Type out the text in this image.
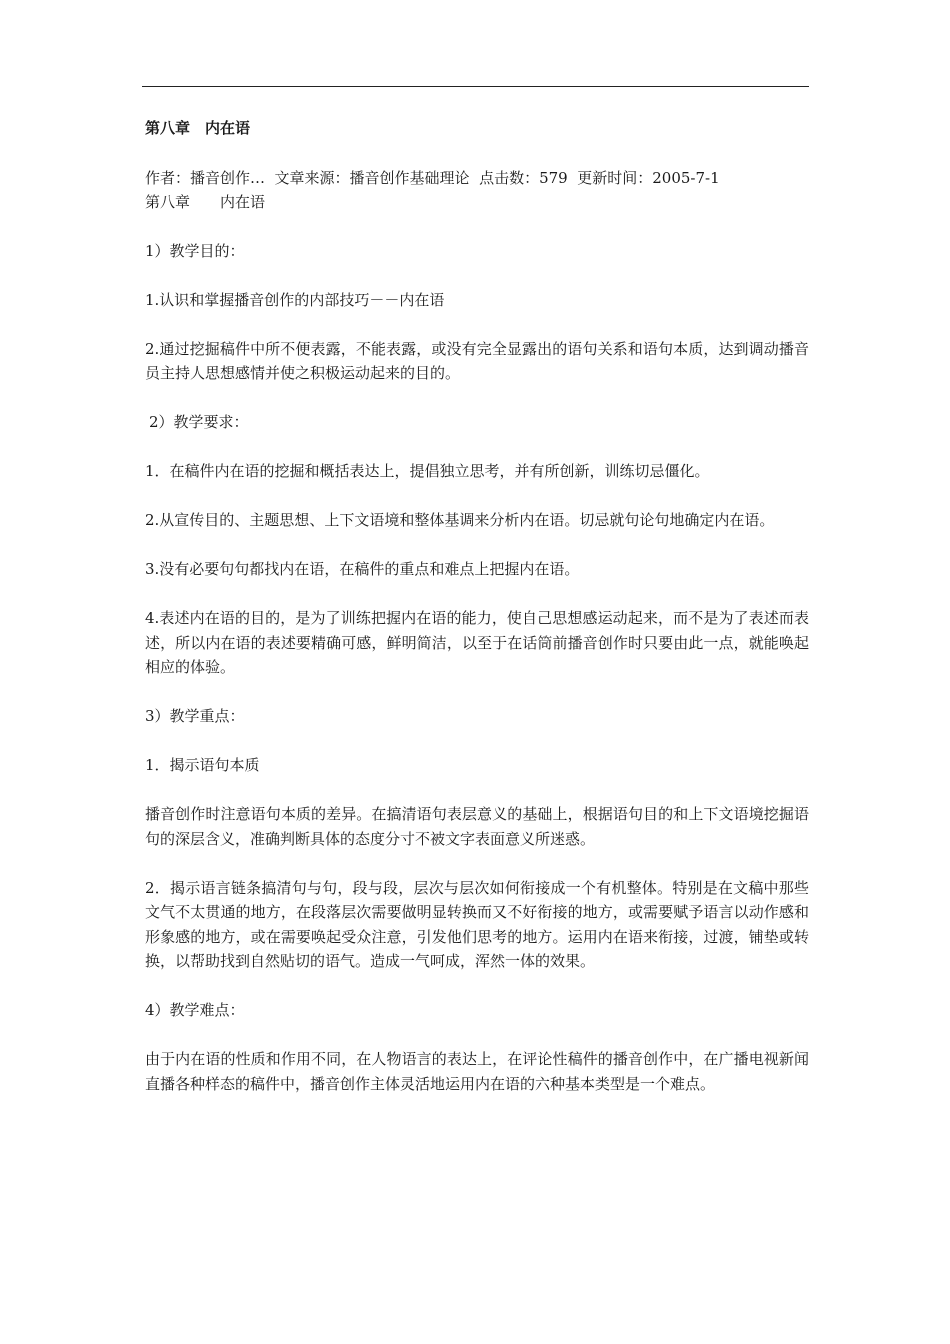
第八章　内在语
作者：播音创作…  文章来源：播音创作基础理论  点击数：579  更新时间：2005-7-1
第八章　　内在语

1）教学目的：

1.认识和掌握播音创作的内部技巧－－内在语

2.通过挖掘稿件中所不便表露，不能表露，或没有完全显露出的语句关系和语句本质，达到调动播音员主持人思想感情并使之积极运动起来的目的。

2）教学要求：

1．在稿件内在语的挖掘和概括表达上，提倡独立思考，并有所创新，训练切忌僵化。

2.从宣传目的、主题思想、上下文语境和整体基调来分析内在语。切忌就句论句地确定内在语。

3.没有必要句句都找内在语，在稿件的重点和难点上把握内在语。

4.表述内在语的目的，是为了训练把握内在语的能力，使自己思想感运动起来，而不是为了表述而表述，所以内在语的表述要精确可感，鲜明简洁，以至于在话筒前播音创作时只要由此一点，就能唤起相应的体验。

3）教学重点：

1．揭示语句本质

播音创作时注意语句本质的差异。在搞清语句表层意义的基础上，根据语句目的和上下文语境挖掘语句的深层含义，准确判断具体的态度分寸不被文字表面意义所迷惑。

2．揭示语言链条搞清句与句，段与段，层次与层次如何衔接成一个有机整体。特别是在文稿中那些文气不太贯通的地方，在段落层次需要做明显转换而又不好衔接的地方，或需要赋予语言以动作感和形象感的地方，或在需要唤起受众注意，引发他们思考的地方。运用内在语来衔接，过渡，铺垫或转换，以帮助找到自然贴切的语气。造成一气呵成，浑然一体的效果。

4）教学难点：

由于内在语的性质和作用不同，在人物语言的表达上，在评论性稿件的播音创作中，在广播电视新闻直播各种样态的稿件中，播音创作主体灵活地运用内在语的六种基本类型是一个难点。
